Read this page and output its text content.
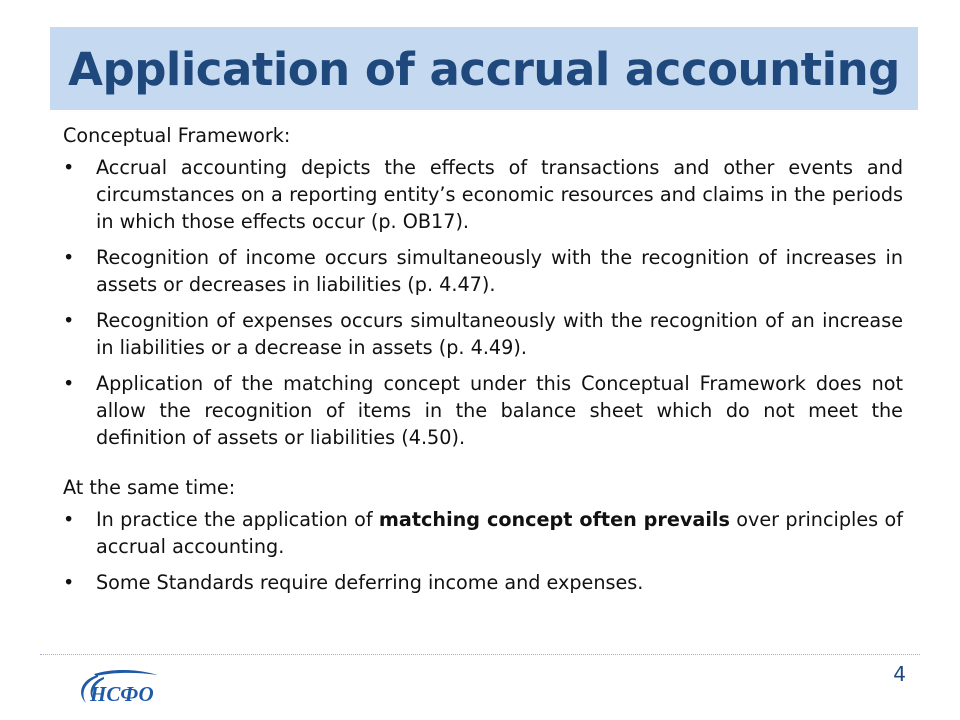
Application of accrual accounting

Conceptual Framework:

• Accrual accounting depicts the effects of transactions and other events and circumstances on a reporting entity’s economic resources and claims in the periods in which those effects occur (p. OB17).
• Recognition of income occurs simultaneously with the recognition of increases in assets or decreases in liabilities (p. 4.47).
• Recognition of expenses occurs simultaneously with the recognition of an increase in liabilities or a decrease in assets (p. 4.49).
• Application of the matching concept under this Conceptual Framework does not allow the recognition of items in the balance sheet which do not meet the definition of assets or liabilities (4.50).

At the same time:

• In practice the application of matching concept often prevails over principles of accrual accounting.
• Some Standards require deferring income and expenses.
НСФО
4
